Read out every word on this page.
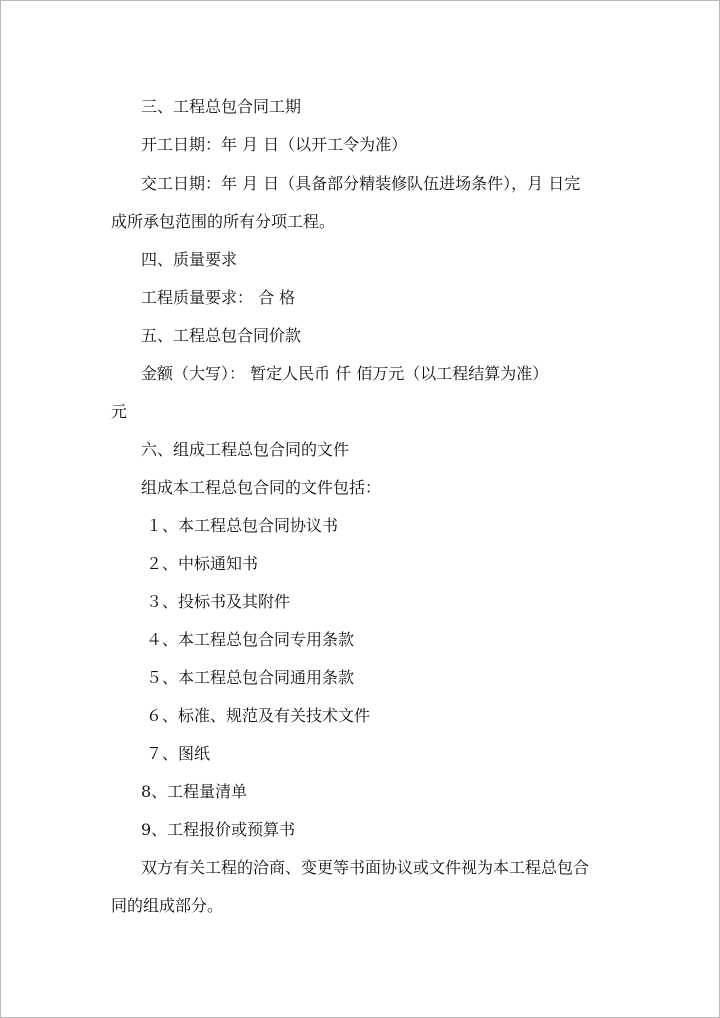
三、工程总包合同工期
开工日期：年 月 日（以开工令为准）
交工日期：年 月 日（具备部分精装修队伍进场条件），月 日完
成所承包范围的所有分项工程。
四、质量要求
工程质量要求： 合 格
五、工程总包合同价款
金额（大写）： 暂定人民币 仟 佰万元（以工程结算为准）
元
六、组成工程总包合同的文件
组成本工程总包合同的文件包括：
１、本工程总包合同协议书
２、中标通知书
３、投标书及其附件
４、本工程总包合同专用条款
５、本工程总包合同通用条款
６、标准、规范及有关技术文件
７、图纸
8、工程量清单
9、工程报价或预算书
双方有关工程的洽商、变更等书面协议或文件视为本工程总包合
同的组成部分。
